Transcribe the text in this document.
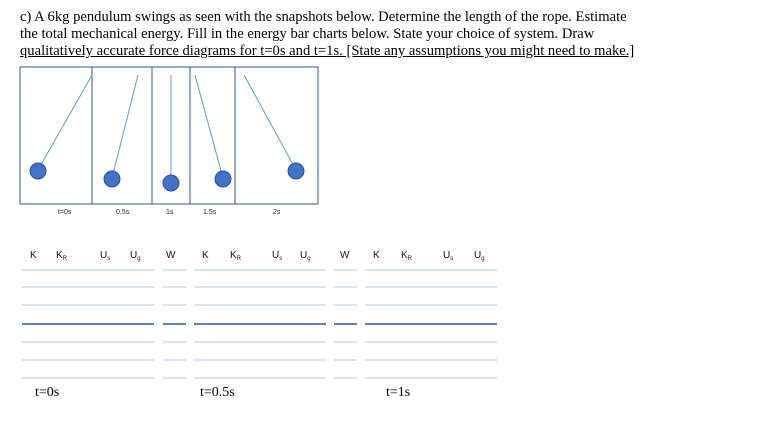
c) A 6kg pendulum swings as seen with the snapshots below. Determine the length of the rope. Estimate
the total mechanical energy. Fill in the energy bar charts below. State your choice of system. Draw
qualitatively accurate force diagrams for t=0s and t=1s. [State any assumptions you might need to make.]
t=0s	0.5s	1s	1.5s	2s
K $K_R$	$U_s$ $U_g$	W	K $K_R$	$U_s$ $U_g$	W K $K_R$	$U_s$ $U_g$
t=0s	t=0.5s	t=1s
